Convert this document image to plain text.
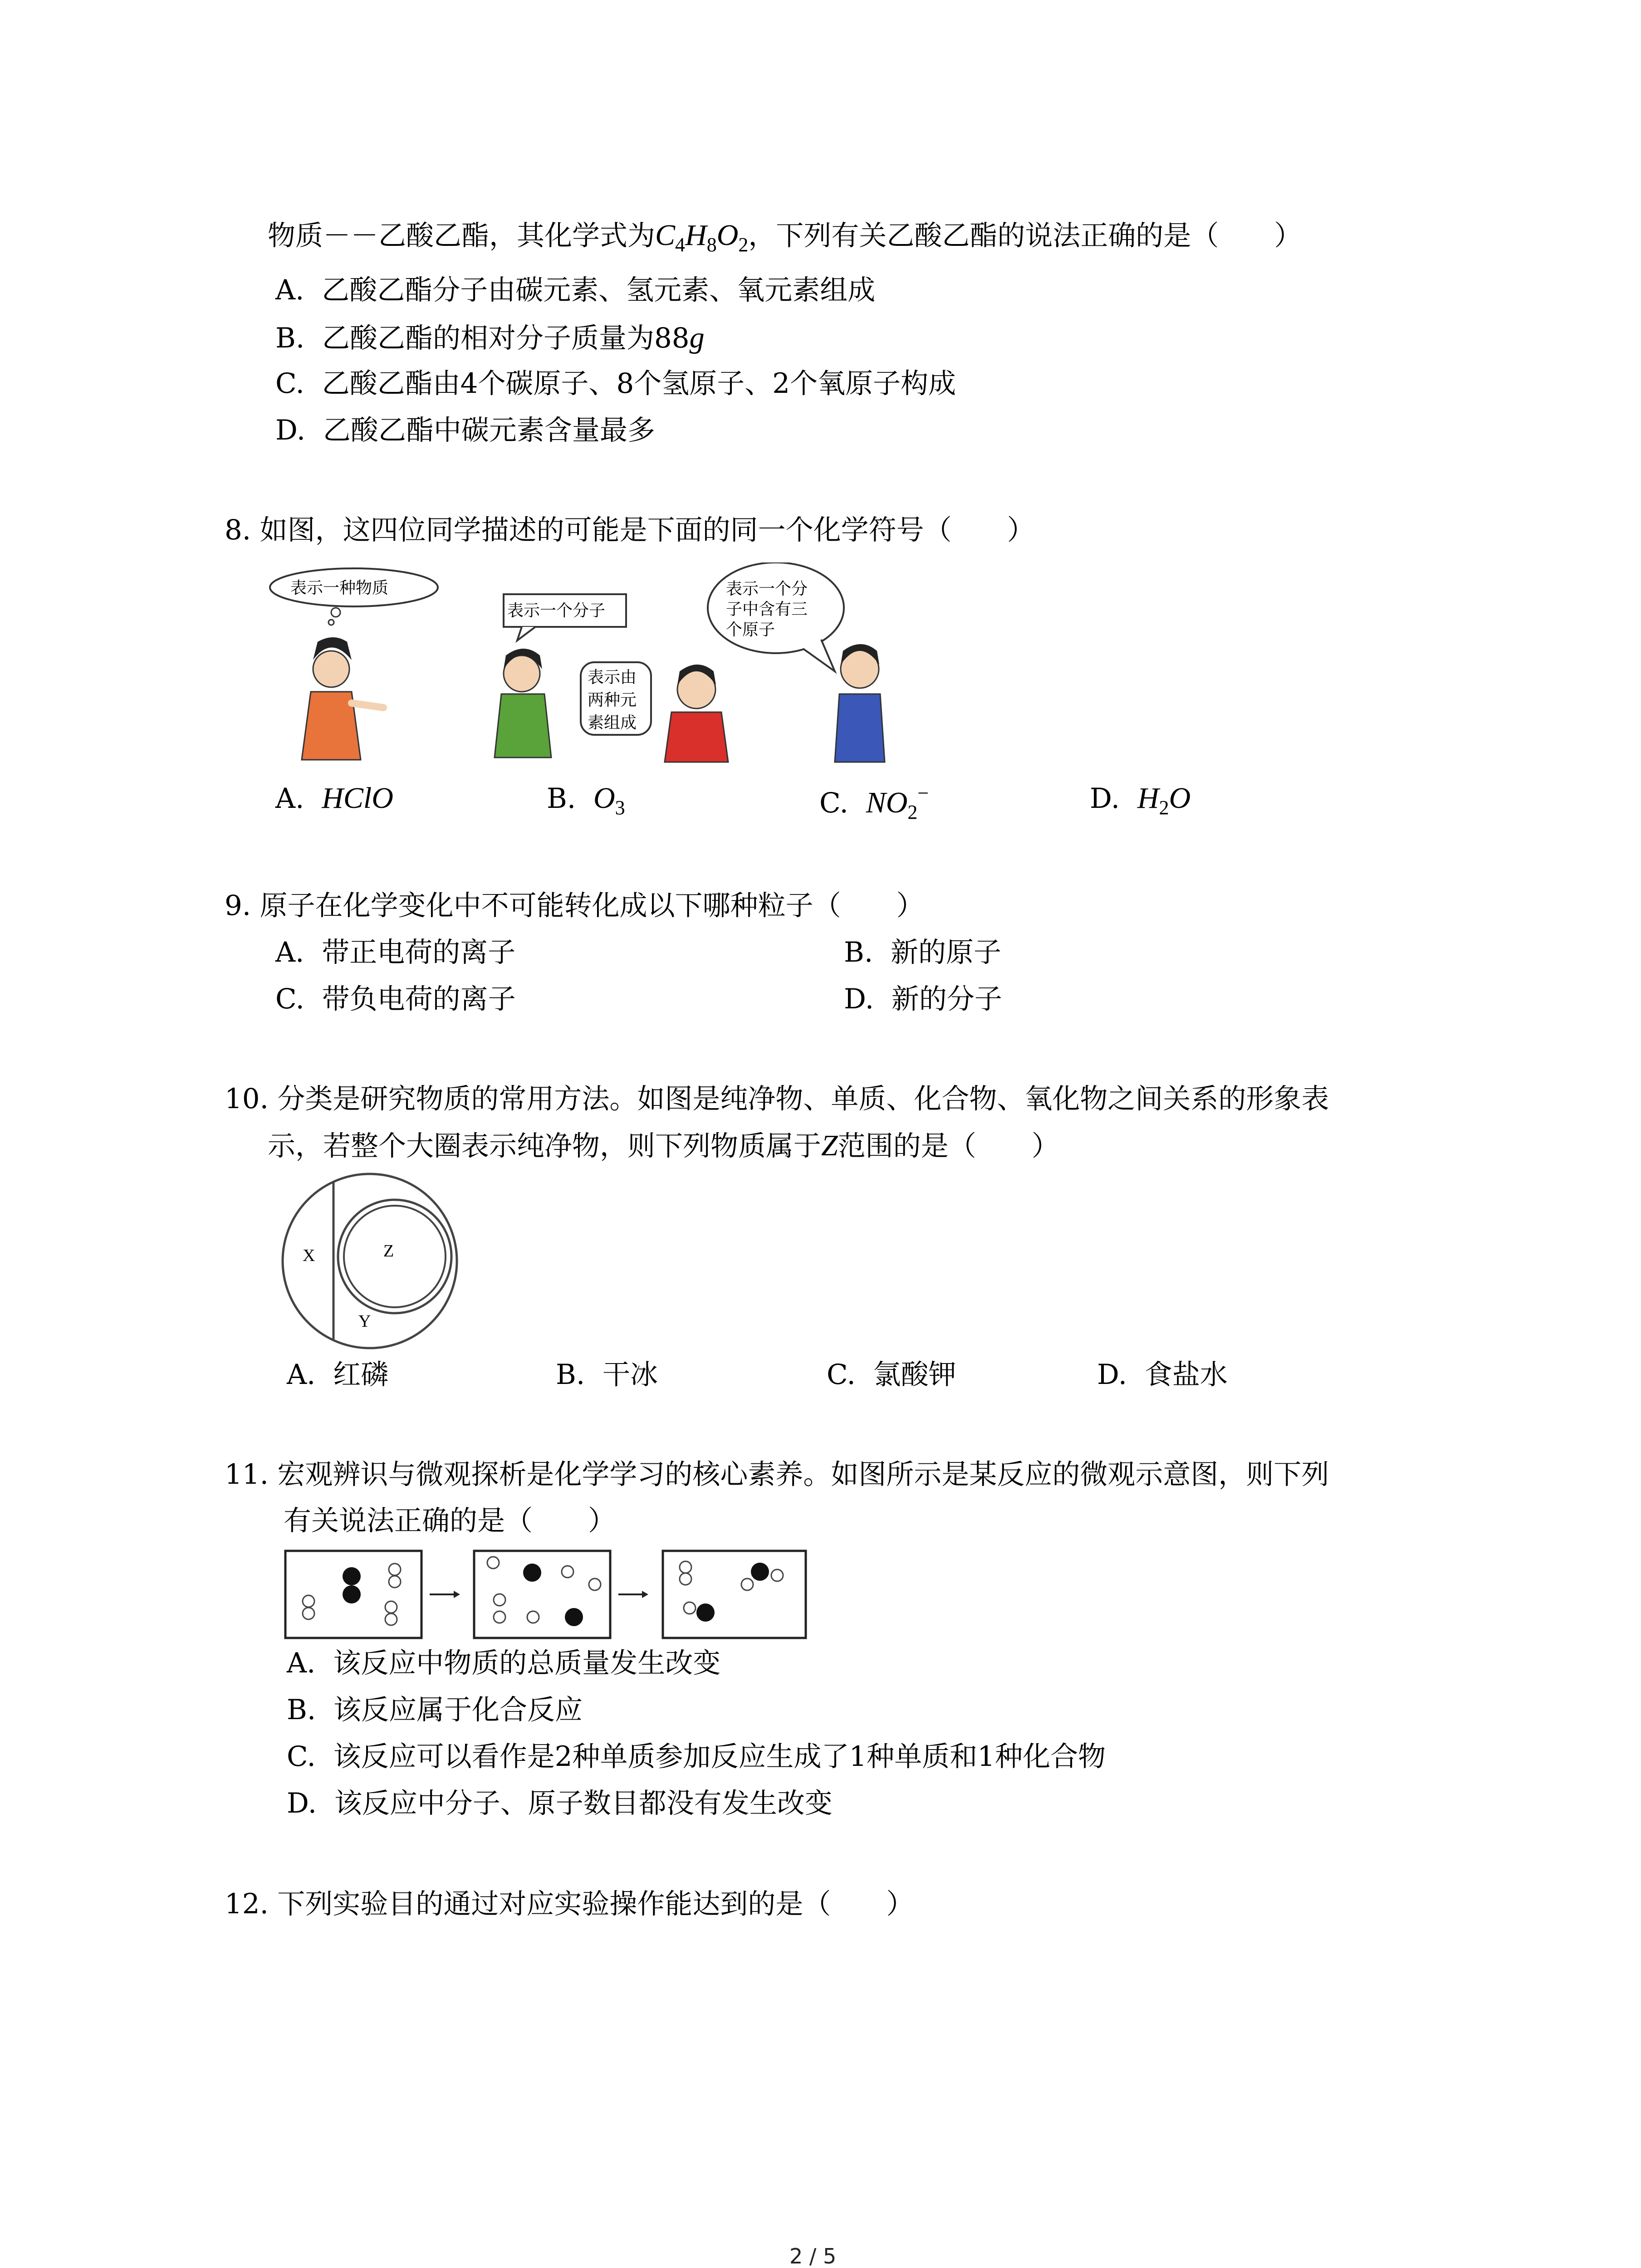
物质－－乙酸乙酯，其化学式为$C_4H_8O_2$，下列有关乙酸乙酯的说法正确的是（　　）
A. 乙酸乙酯分子由碳元素、氢元素、氧元素组成
B. 乙酸乙酯的相对分子质量为88g
C. 乙酸乙酯由4个碳原子、8个氢原子、2个氧原子构成
D. 乙酸乙酯中碳元素含量最多
8. 如图，这四位同学描述的可能是下面的同一个化学符号（　　）
表示一种物质
表示一个分子
表示由
两种元
素组成
表示一个分
子中含有三
个原子
A. HClO	B. $O_3$	C. $NO_2^-$	D. $H_2O$
9. 原子在化学变化中不可能转化成以下哪种粒子（　　）
A. 带正电荷的离子	B. 新的原子
C. 带负电荷的离子	D. 新的分子
10. 分类是研究物质的常用方法。如图是纯净物、单质、化合物、氧化物之间关系的形象表
示，若整个大圈表示纯净物，则下列物质属于Z范围的是（　　）
X	Z
Y
A. 红磷	B. 干冰	C. 氯酸钾	D. 食盐水
11. 宏观辨识与微观探析是化学学习的核心素养。如图所示是某反应的微观示意图，则下列
有关说法正确的是（　　）
A. 该反应中物质的总质量发生改变
B. 该反应属于化合反应
C. 该反应可以看作是2种单质参加反应生成了1种单质和1种化合物
D. 该反应中分子、原子数目都没有发生改变
12. 下列实验目的通过对应实验操作能达到的是（　　）
2 / 5
